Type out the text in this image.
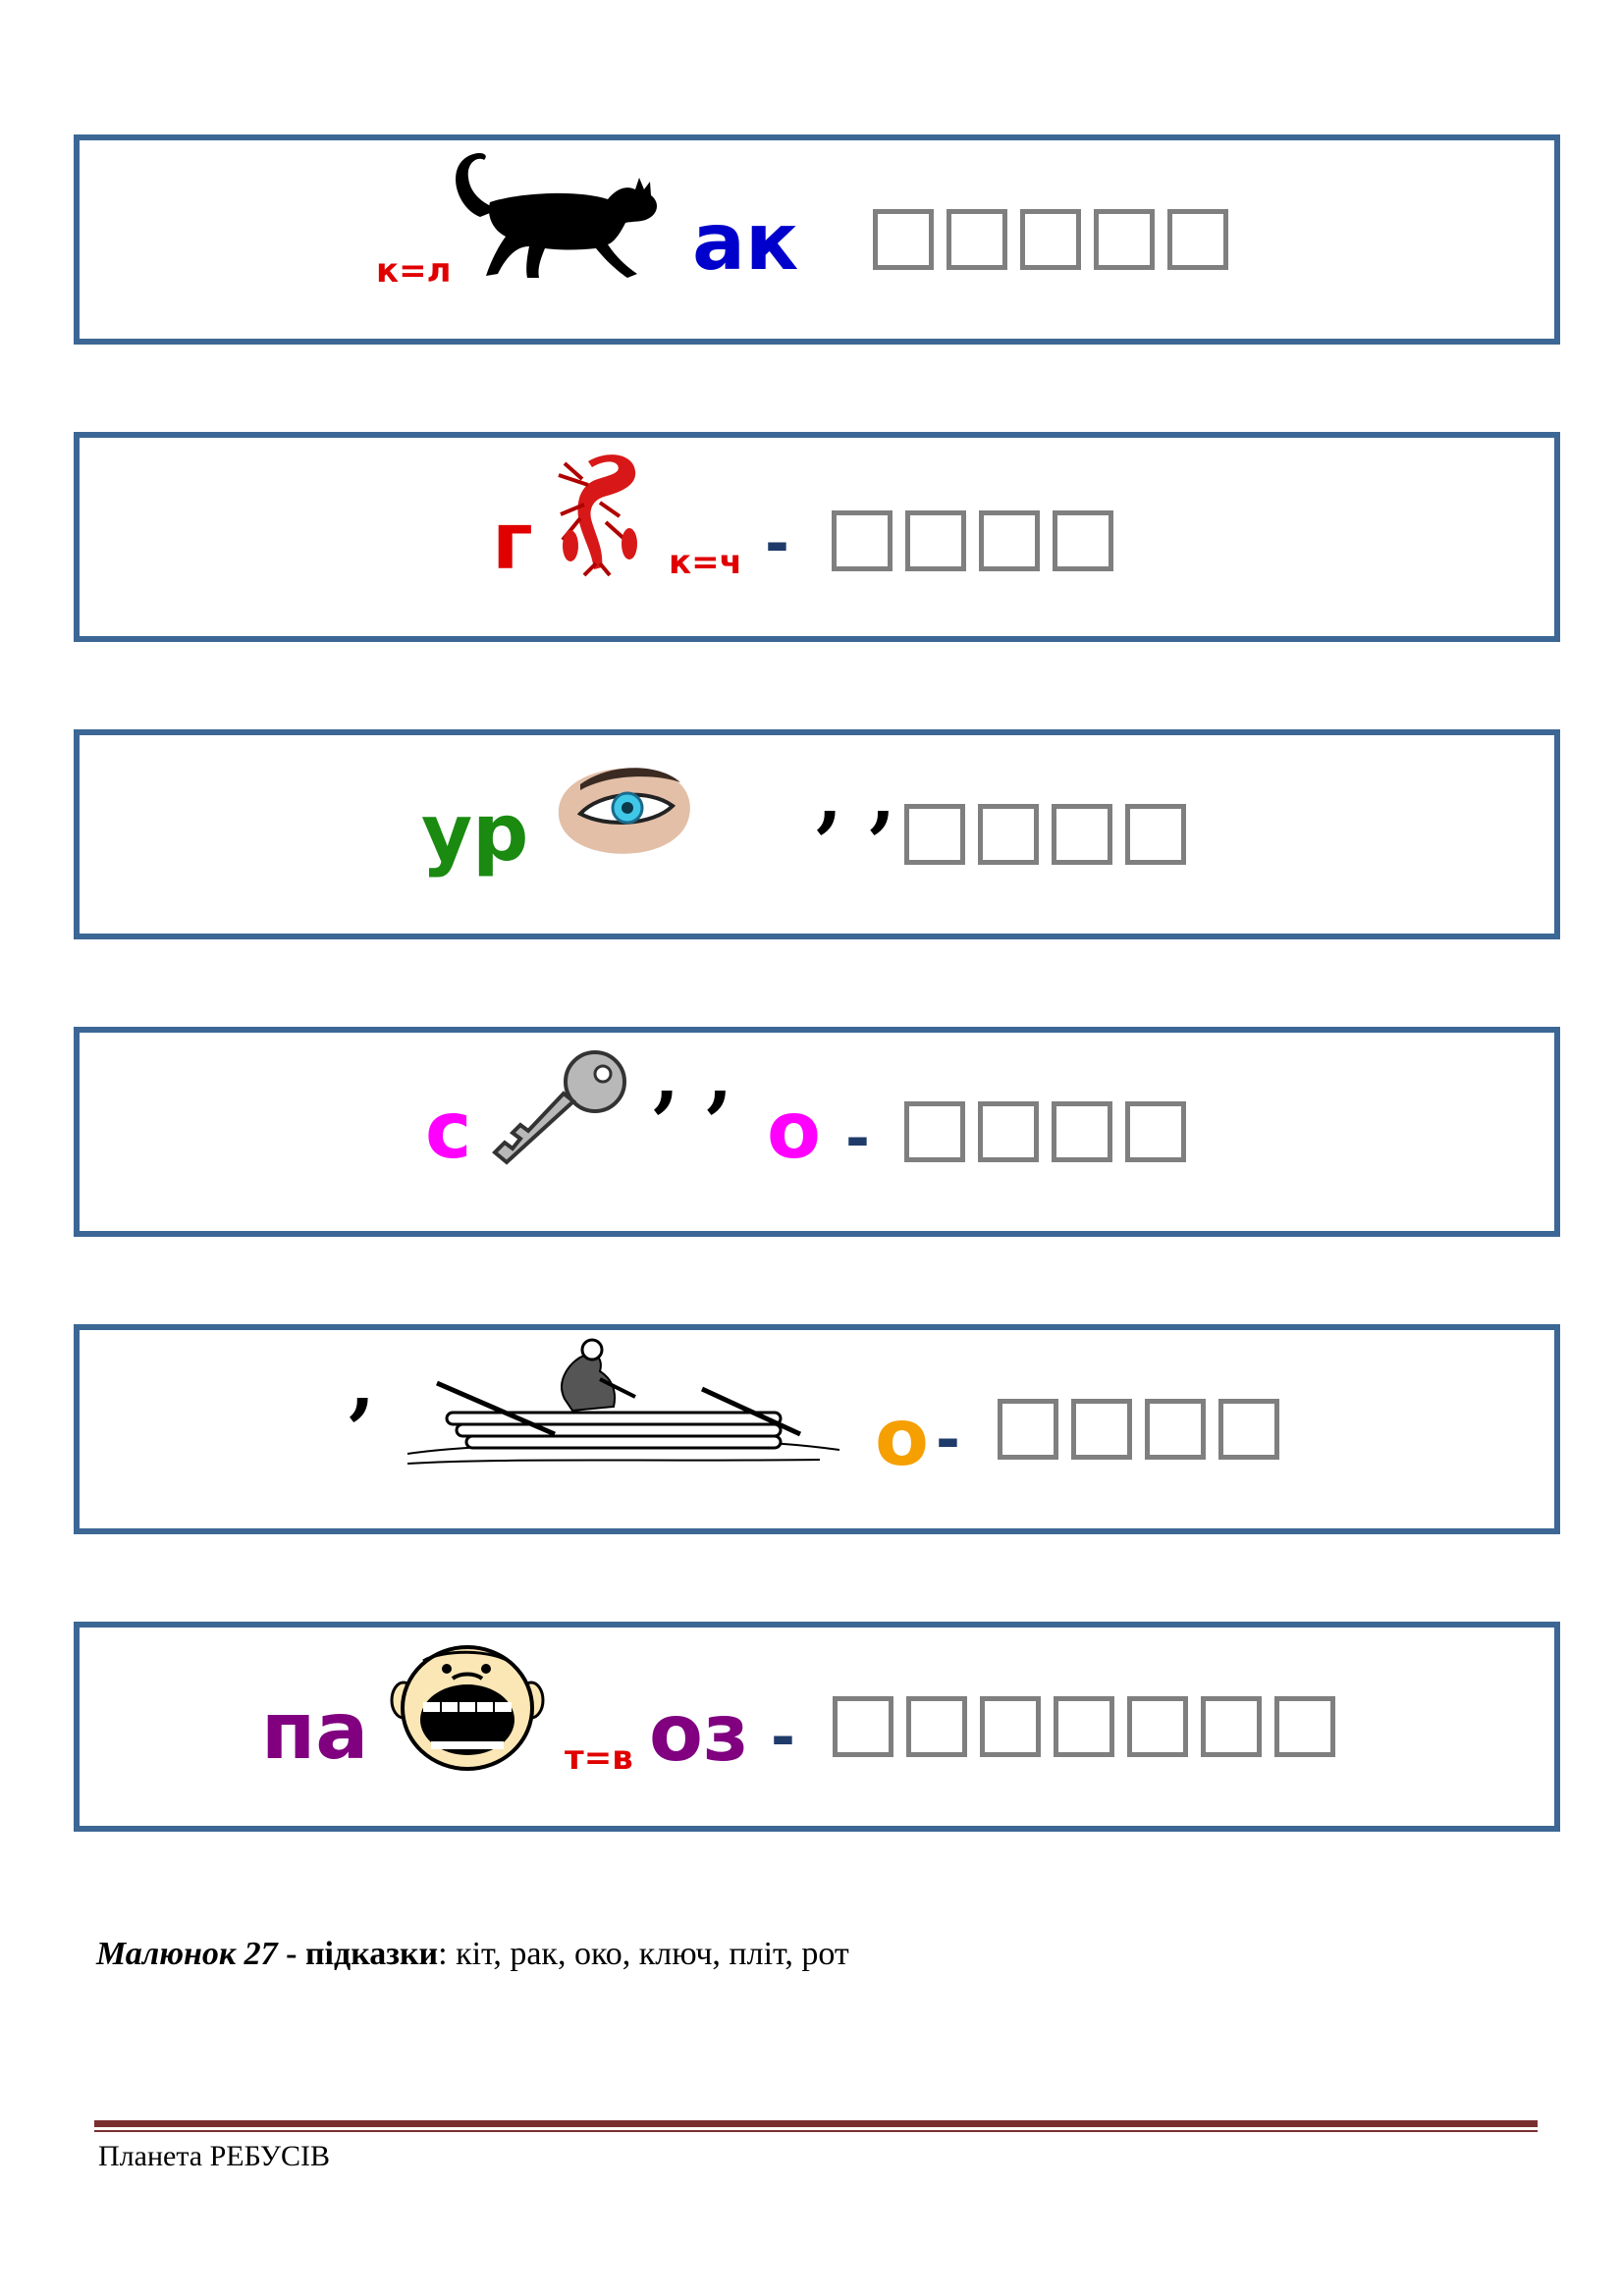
к=л	ак
г	к=ч -
ур	, ,
с
, ,
о -
,
о -
па	т=в оз -
Малюнок 27 - підказки: кіт, рак, око, ключ, пліт, рот
Планета РЕБУСІВ
